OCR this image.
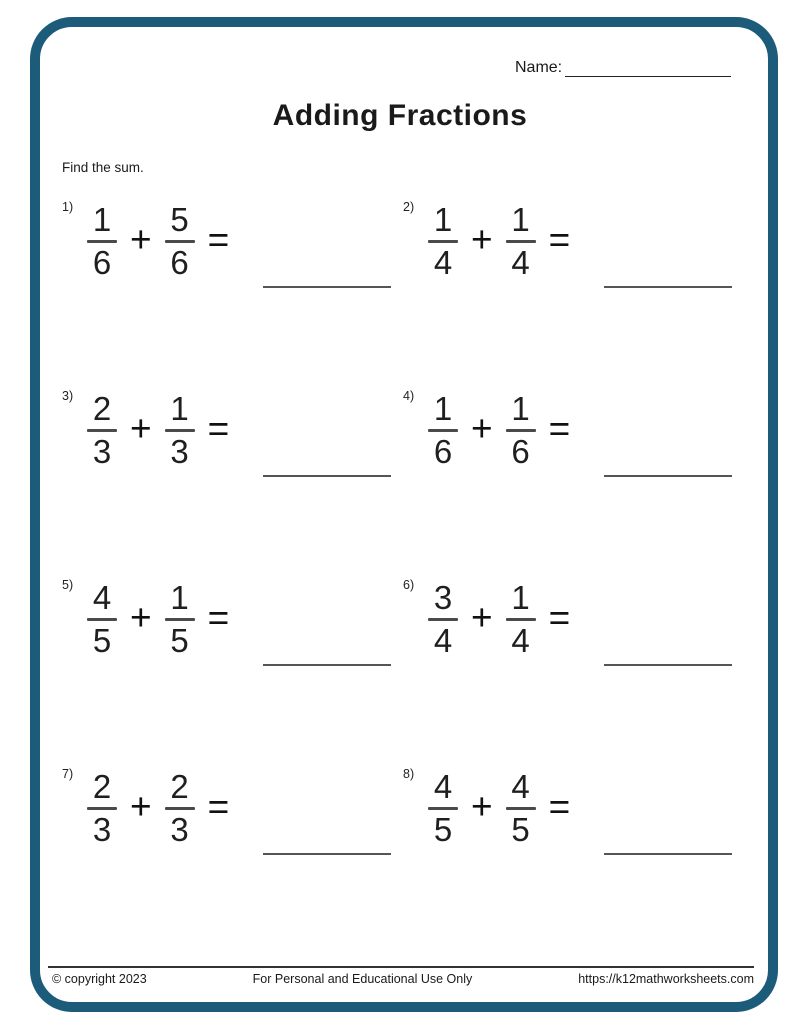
Name:
Adding Fractions
Find the sum.
$1) \frac{1}{6} + \frac{5}{6}$ =
$2) \frac{1}{4} + \frac{1}{4}$ =
$3) \frac{2}{3} + \frac{1}{3}$ =
$4) \frac{1}{6} + \frac{1}{6}$ =
$5) \frac{4}{5} + \frac{1}{5}$ =
$6) \frac{3}{4} + \frac{1}{4}$ =
$7) \frac{2}{3} + \frac{2}{3}$ =
$8) \frac{4}{5} + \frac{4}{5}$ =
© copyright 2023	For Personal and Educational Use Only	https://k12mathworksheets.com
